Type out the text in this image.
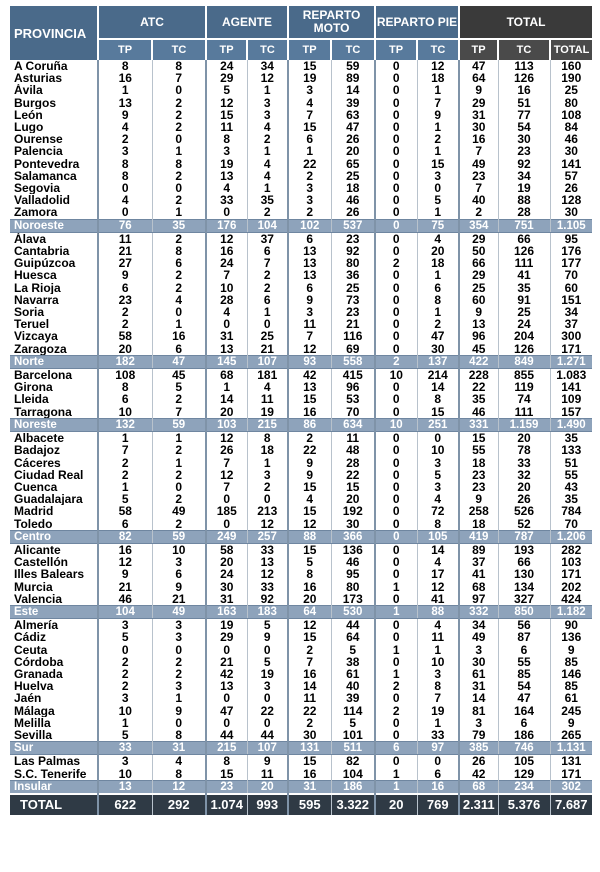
PROVINCIA	ATC		AGENTE		REPARTO MOTO		REPARTO PIE		TOTAL		
	TP	TC	TP	TC	TP	TC	TP	TC	TP	TC	TOTAL
A Coruña	8	8	24	34	15	59	0	12	47	113	160
Asturias	16	7	29	12	19	89	0	18	64	126	190
Ávila	1	0	5	1	3	14	0	1	9	16	25
Burgos	13	2	12	3	4	39	0	7	29	51	80
León	9	2	15	3	7	63	0	9	31	77	108
Lugo	4	2	11	4	15	47	0	1	30	54	84
Ourense	2	0	8	2	6	26	0	2	16	30	46
Palencia	3	1	3	1	1	20	0	1	7	23	30
Pontevedra	8	8	19	4	22	65	0	15	49	92	141
Salamanca	8	2	13	4	2	25	0	3	23	34	57
Segovia	0	0	4	1	3	18	0	0	7	19	26
Valladolid	4	2	33	35	3	46	0	5	40	88	128
Zamora	0	1	0	2	2	26	0	1	2	28	30
Noroeste	76	35	176	104	102	537	0	75	354	751	1.105
Álava	11	2	12	37	6	23	0	4	29	66	95
Cantabria	21	8	16	6	13	92	0	20	50	126	176
Guipúzcoa	27	6	24	7	13	80	2	18	66	111	177
Huesca	9	2	7	2	13	36	0	1	29	41	70
La Rioja	6	2	10	2	6	25	0	6	25	35	60
Navarra	23	4	28	6	9	73	0	8	60	91	151
Soria	2	0	4	1	3	23	0	1	9	25	34
Teruel	2	1	0	0	11	21	0	2	13	24	37
Vizcaya	58	16	31	25	7	116	0	47	96	204	300
Zaragoza	20	6	13	21	12	69	0	30	45	126	171
Norte	182	47	145	107	93	558	2	137	422	849	1.271
Barcelona	108	45	68	181	42	415	10	214	228	855	1.083
Girona	8	5	1	4	13	96	0	14	22	119	141
Lleida	6	2	14	11	15	53	0	8	35	74	109
Tarragona	10	7	20	19	16	70	0	15	46	111	157
Noreste	132	59	103	215	86	634	10	251	331	1.159	1.490
Albacete	1	1	12	8	2	11	0	0	15	20	35
Badajoz	7	2	26	18	22	48	0	10	55	78	133
Cáceres	2	1	7	1	9	28	0	3	18	33	51
Ciudad Real	2	2	12	3	9	22	0	5	23	32	55
Cuenca	1	0	7	2	15	15	0	3	23	20	43
Guadalajara	5	2	0	0	4	20	0	4	9	26	35
Madrid	58	49	185	213	15	192	0	72	258	526	784
Toledo	6	2	0	12	12	30	0	8	18	52	70
Centro	82	59	249	257	88	366	0	105	419	787	1.206
Alicante	16	10	58	33	15	136	0	14	89	193	282
Castellón	12	3	20	13	5	46	0	4	37	66	103
Illes Balears	9	6	24	12	8	95	0	17	41	130	171
Murcia	21	9	30	33	16	80	1	12	68	134	202
Valencia	46	21	31	92	20	173	0	41	97	327	424
Este	104	49	163	183	64	530	1	88	332	850	1.182
Almería	3	3	19	5	12	44	0	4	34	56	90
Cádiz	5	3	29	9	15	64	0	11	49	87	136
Ceuta	0	0	0	0	2	5	1	1	3	6	9
Córdoba	2	2	21	5	7	38	0	10	30	55	85
Granada	2	2	42	19	16	61	1	3	61	85	146
Huelva	2	3	13	3	14	40	2	8	31	54	85
Jaén	3	1	0	0	11	39	0	7	14	47	61
Málaga	10	9	47	22	22	114	2	19	81	164	245
Melilla	1	0	0	0	2	5	0	1	3	6	9
Sevilla	5	8	44	44	30	101	0	33	79	186	265
Sur	33	31	215	107	131	511	6	97	385	746	1.131
Las Palmas	3	4	8	9	15	82	0	0	26	105	131
S.C. Tenerife	10	8	15	11	16	104	1	6	42	129	171
Insular	13	12	23	20	31	186	1	16	68	234	302
TOTAL	622	292	1.074	993	595	3.322	20	769	2.311	5.376	7.687
